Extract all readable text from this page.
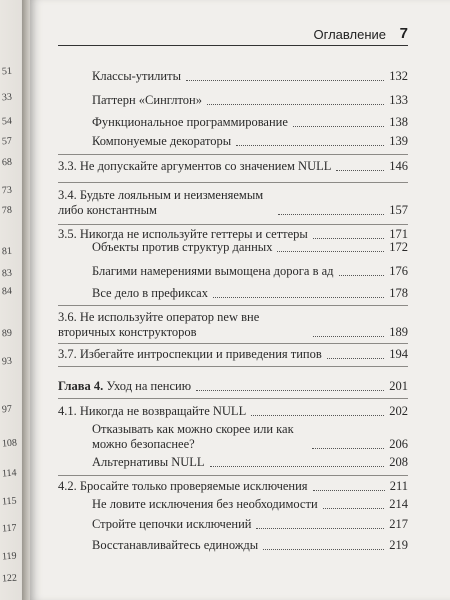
51
33
54
57
68
73
78
81
83
84
89
93
97
108
114
115
117
119
122
Оглавление 7
Классы-утилиты	132
Паттерн «Синглтон»	133
Функциональное программирование	138
Компонуемые декораторы	139
3.3. Не допускайте аргументов со значением NULL	146
3.4. Будьте лояльным и неизменяемым либо константным	157
3.5. Никогда не используйте геттеры и сеттеры	171
Объекты против структур данных	172
Благими намерениями вымощена дорога в ад	176
Все дело в префиксах	178
3.6. Не используйте оператор new вне вторичных конструкторов	189
3.7. Избегайте интроспекции и приведения типов	194
Глава 4. Уход на пенсию	201
4.1. Никогда не возвращайте NULL	202
Отказывать как можно скорее или как можно безопаснее?	206
Альтернативы NULL	208
4.2. Бросайте только проверяемые исключения	211
Не ловите исключения без необходимости	214
Стройте цепочки исключений	217
Восстанавливайтесь единожды	219
